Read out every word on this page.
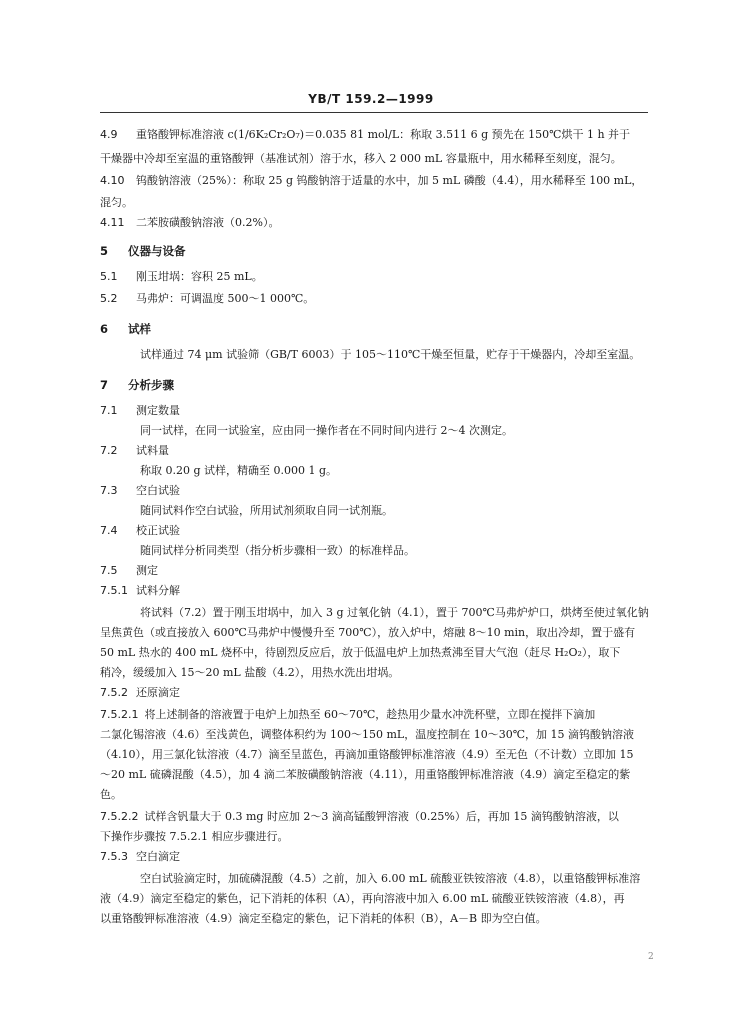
YB/T 159.2—1999
4.9 重铬酸钾标准溶液 c(1/6K₂Cr₂O₇)＝0.035 81 mol/L：称取 3.511 6 g 预先在 150℃烘干 1 h 并于
干燥器中冷却至室温的重铬酸钾（基准试剂）溶于水，移入 2 000 mL 容量瓶中，用水稀释至刻度，混匀。
4.10 钨酸钠溶液（25%）：称取 25 g 钨酸钠溶于适量的水中，加 5 mL 磷酸（4.4），用水稀释至 100 mL，
混匀。
4.11 二苯胺磺酸钠溶液（0.2%）。
5 仪器与设备
5.1 刚玉坩埚：容积 25 mL。
5.2 马弗炉：可调温度 500～1 000℃。
6 试样
试样通过 74 μm 试验筛（GB/T 6003）于 105～110℃干燥至恒量，贮存于干燥器内，冷却至室温。
7 分析步骤
7.1 测定数量
同一试样，在同一试验室，应由同一操作者在不同时间内进行 2～4 次测定。
7.2 试料量
称取 0.20 g 试样，精确至 0.000 1 g。
7.3 空白试验
随同试料作空白试验，所用试剂须取自同一试剂瓶。
7.4 校正试验
随同试样分析同类型（指分析步骤相一致）的标准样品。
7.5 测定
7.5.1 试料分解
将试料（7.2）置于刚玉坩埚中，加入 3 g 过氧化钠（4.1），置于 700℃马弗炉炉口，烘烤至使过氧化钠
呈焦黄色（或直接放入 600℃马弗炉中慢慢升至 700℃），放入炉中，熔融 8～10 min，取出冷却，置于盛有
50 mL 热水的 400 mL 烧杯中，待剧烈反应后，放于低温电炉上加热煮沸至冒大气泡（赶尽 H₂O₂），取下
稍冷，缓缓加入 15～20 mL 盐酸（4.2），用热水洗出坩埚。
7.5.2 还原滴定
7.5.2.1 将上述制备的溶液置于电炉上加热至 60～70℃，趁热用少量水冲洗杯壁，立即在搅拌下滴加
二氯化锡溶液（4.6）至浅黄色，调整体积约为 100～150 mL，温度控制在 10～30℃，加 15 滴钨酸钠溶液
（4.10），用三氯化钛溶液（4.7）滴至呈蓝色，再滴加重铬酸钾标准溶液（4.9）至无色（不计数）立即加 15
～20 mL 硫磷混酸（4.5），加 4 滴二苯胺磺酸钠溶液（4.11），用重铬酸钾标准溶液（4.9）滴定至稳定的紫
色。
7.5.2.2 试样含钒量大于 0.3 mg 时应加 2～3 滴高锰酸钾溶液（0.25%）后，再加 15 滴钨酸钠溶液，以
下操作步骤按 7.5.2.1 相应步骤进行。
7.5.3 空白滴定
空白试验滴定时，加硫磷混酸（4.5）之前，加入 6.00 mL 硫酸亚铁铵溶液（4.8），以重铬酸钾标准溶
液（4.9）滴定至稳定的紫色，记下消耗的体积（A），再向溶液中加入 6.00 mL 硫酸亚铁铵溶液（4.8），再
以重铬酸钾标准溶液（4.9）滴定至稳定的紫色，记下消耗的体积（B），A－B 即为空白值。
2
